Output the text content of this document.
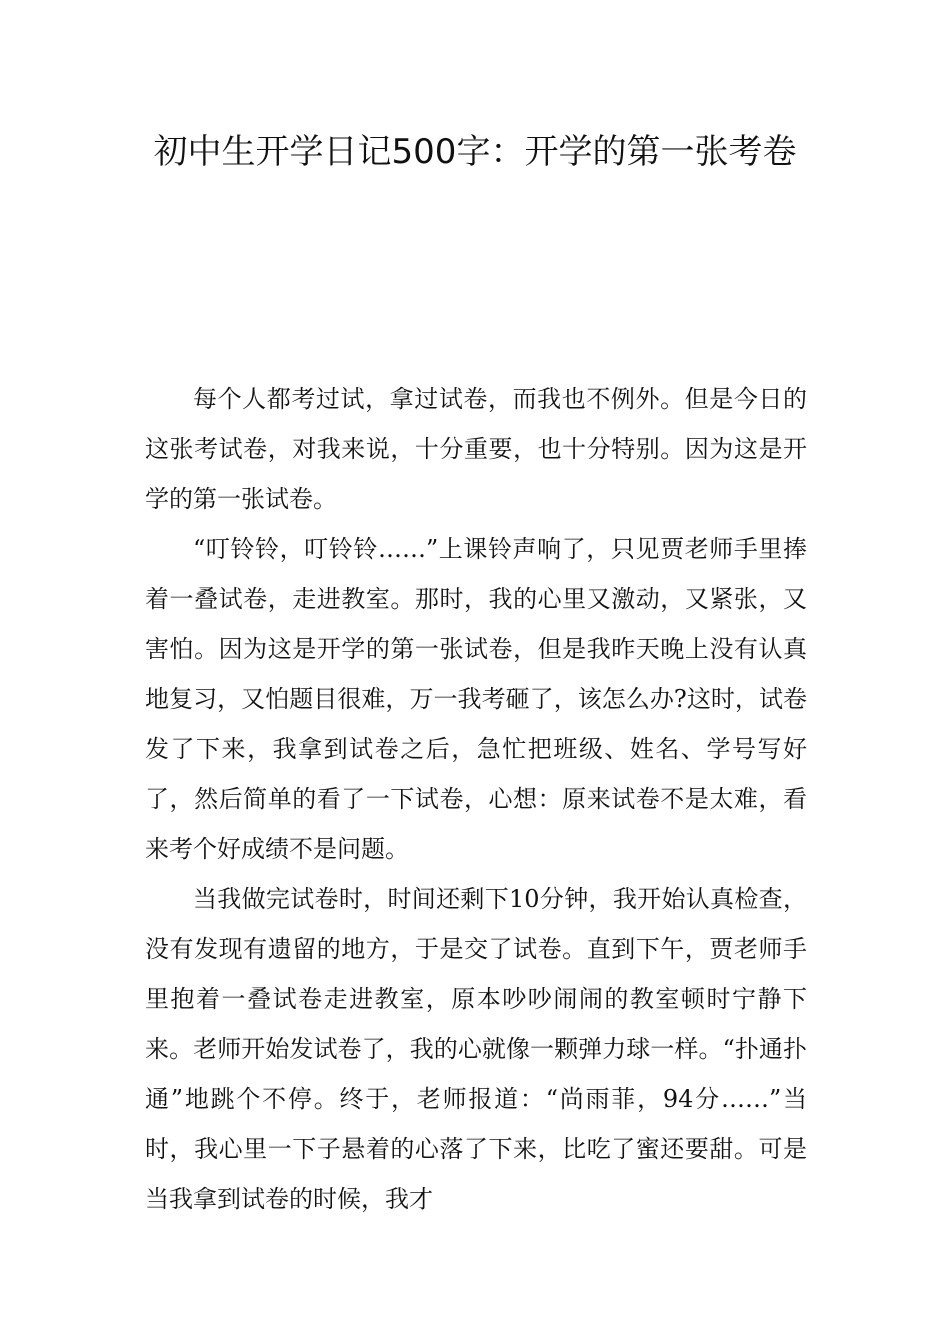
初中生开学日记500字：开学的第一张考卷

每个人都考过试，拿过试卷，而我也不例外。但是今日的这张考试卷，对我来说，十分重要，也十分特别。因为这是开学的第一张试卷。

“叮铃铃，叮铃铃……”上课铃声响了，只见贾老师手里捧着一叠试卷，走进教室。那时，我的心里又激动，又紧张，又害怕。因为这是开学的第一张试卷，但是我昨天晚上没有认真地复习，又怕题目很难，万一我考砸了，该怎么办?这时，试卷发了下来，我拿到试卷之后，急忙把班级、姓名、学号写好了，然后简单的看了一下试卷，心想：原来试卷不是太难，看来考个好成绩不是问题。

当我做完试卷时，时间还剩下10分钟，我开始认真检查，没有发现有遗留的地方，于是交了试卷。直到下午，贾老师手里抱着一叠试卷走进教室，原本吵吵闹闹的教室顿时宁静下来。老师开始发试卷了，我的心就像一颗弹力球一样。“扑通扑通”地跳个不停。终于，老师报道：“尚雨菲，94分……”当时，我心里一下子悬着的心落了下来，比吃了蜜还要甜。可是当我拿到试卷的时候，我才
